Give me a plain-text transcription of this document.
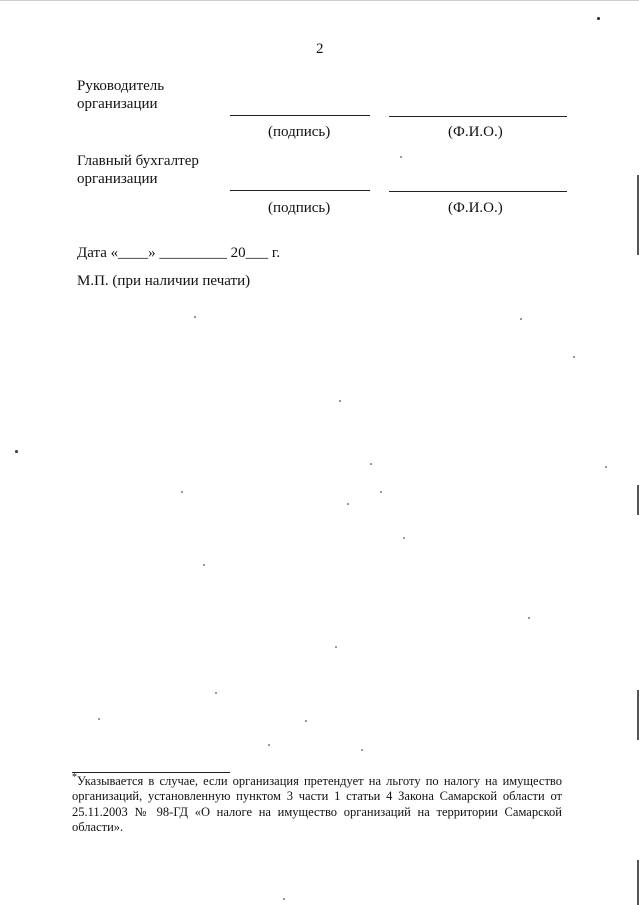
2
Руководитель
организации
(подпись)	(Ф.И.О.)
Главный бухгалтер
организации
(подпись)	(Ф.И.О.)
Дата «____» _________ 20___ г.
М.П. (при наличии печати)
*Указывается в случае, если организация претендует на льготу по налогу на имущество организаций, установленную пунктом 3 части 1 статьи 4 Закона Самарской области от 25.11.2003 № 98-ГД «О налоге на имущество организаций на территории Самарской области».
